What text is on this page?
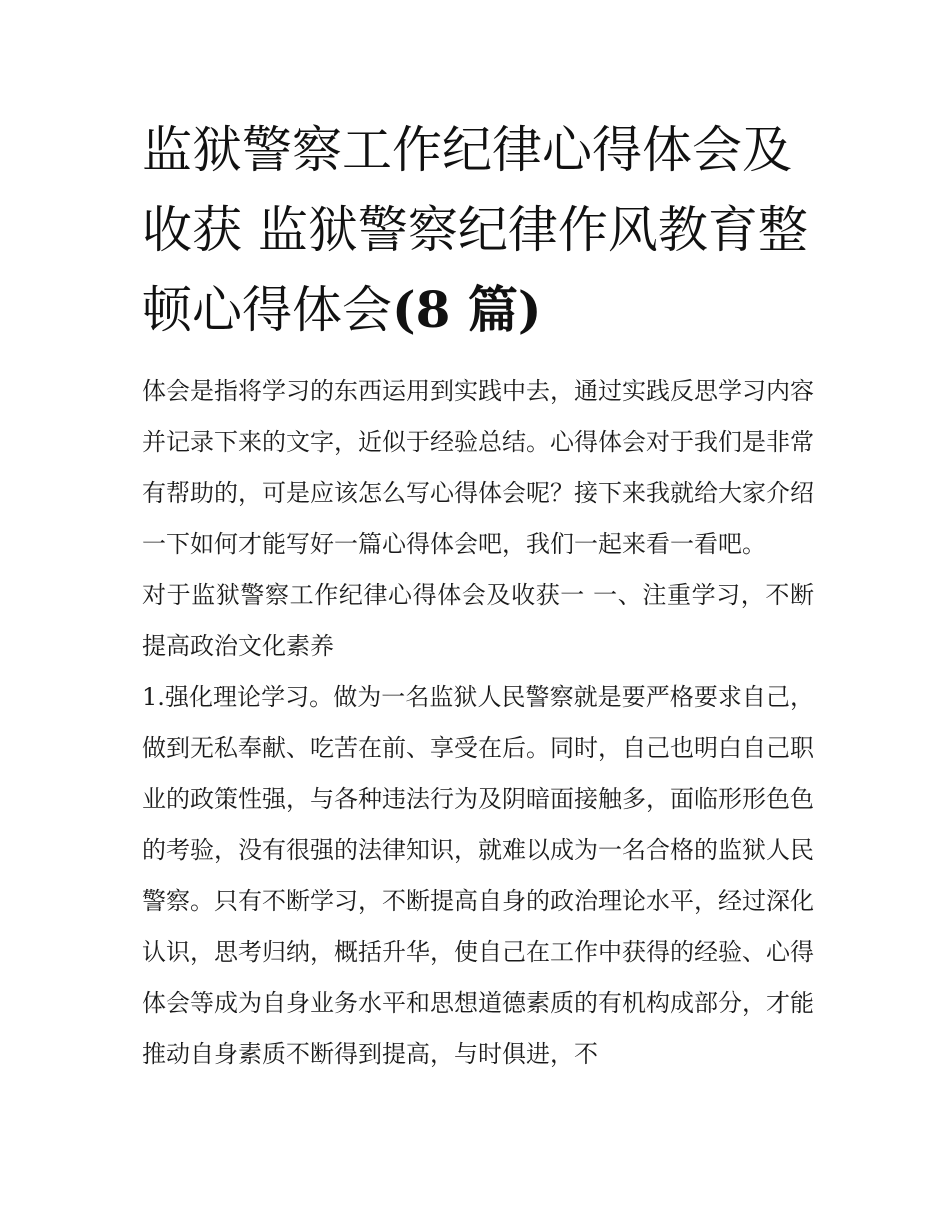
监狱警察工作纪律心得体会及收获 监狱警察纪律作风教育整顿心得体会(8 篇)

体会是指将学习的东西运用到实践中去，通过实践反思学习内容并记录下来的文字，近似于经验总结。心得体会对于我们是非常有帮助的，可是应该怎么写心得体会呢？接下来我就给大家介绍一下如何才能写好一篇心得体会吧，我们一起来看一看吧。

对于监狱警察工作纪律心得体会及收获一 一、注重学习，不断提高政治文化素养

1.强化理论学习。做为一名监狱人民警察就是要严格要求自己，做到无私奉献、吃苦在前、享受在后。同时，自己也明白自己职业的政策性强，与各种违法行为及阴暗面接触多，面临形形色色的考验，没有很强的法律知识，就难以成为一名合格的监狱人民警察。只有不断学习，不断提高自身的政治理论水平，经过深化认识，思考归纳，概括升华，使自己在工作中获得的经验、心得体会等成为自身业务水平和思想道德素质的有机构成部分，才能推动自身素质不断得到提高，与时俱进，不
